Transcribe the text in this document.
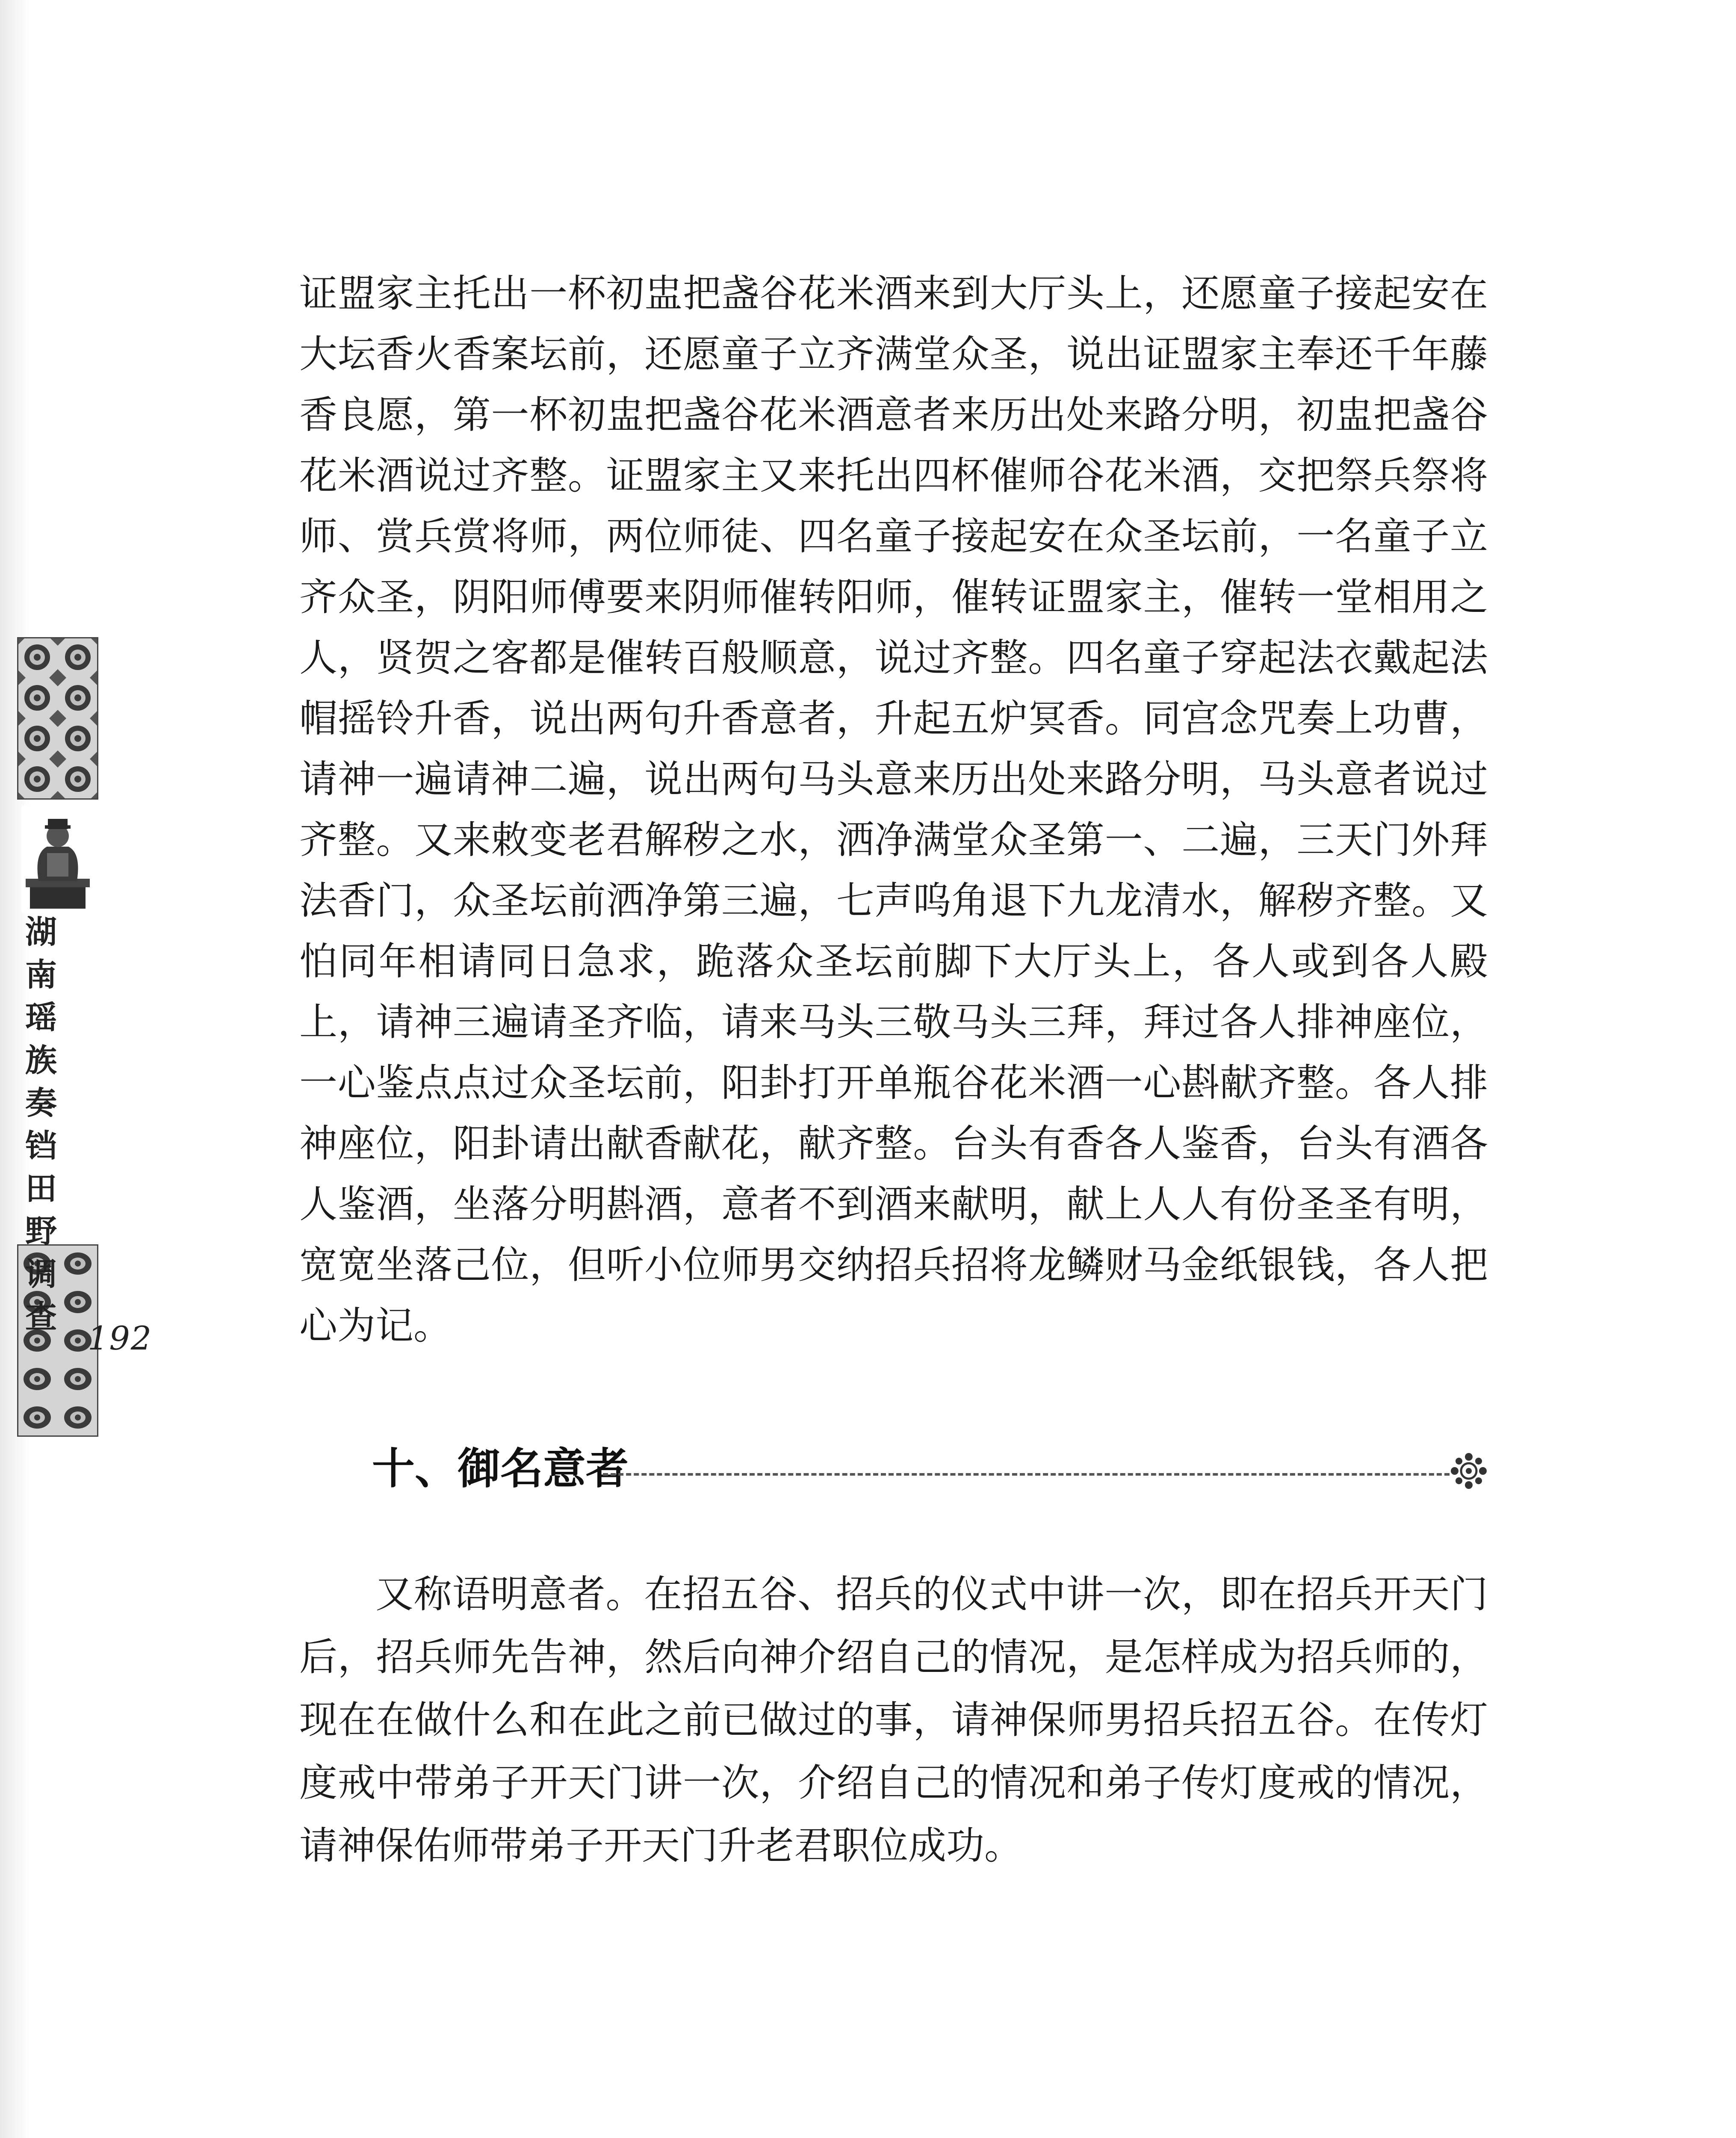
湖
南
瑶
族
奏
铛
田
野
调
查
192

证盟家主托出一杯初盅把盏谷花米酒来到大厅头上，还愿童子接起安在大坛香火香案坛前，还愿童子立齐满堂众圣，说出证盟家主奉还千年藤香良愿，第一杯初盅把盏谷花米酒意者来历出处来路分明，初盅把盏谷花米酒说过齐整。证盟家主又来托出四杯催师谷花米酒，交把祭兵祭将师、赏兵赏将师，两位师徒、四名童子接起安在众圣坛前，一名童子立齐众圣，阴阳师傅要来阴师催转阳师，催转证盟家主，催转一堂相用之人，贤贺之客都是催转百般顺意，说过齐整。四名童子穿起法衣戴起法帽摇铃升香，说出两句升香意者，升起五炉冥香。同宫念咒奏上功曹，请神一遍请神二遍，说出两句马头意来历出处来路分明，马头意者说过齐整。又来敕变老君解秽之水，洒净满堂众圣第一、二遍，三天门外拜法香门，众圣坛前洒净第三遍，七声呜角退下九龙清水，解秽齐整。又怕同年相请同日急求，跪落众圣坛前脚下大厅头上，各人或到各人殿上，请神三遍请圣齐临，请来马头三敬马头三拜，拜过各人排神座位，一心鉴点点过众圣坛前，阳卦打开单瓶谷花米酒一心斟献齐整。各人排神座位，阳卦请出献香献花，献齐整。台头有香各人鉴香，台头有酒各人鉴酒，坐落分明斟酒，意者不到酒来献明，献上人人有份圣圣有明，宽宽坐落己位，但听小位师男交纳招兵招将龙鳞财马金纸银钱，各人把心为记。

十、御名意者

又称语明意者。在招五谷、招兵的仪式中讲一次，即在招兵开天门后，招兵师先告神，然后向神介绍自己的情况，是怎样成为招兵师的，现在在做什么和在此之前已做过的事，请神保师男招兵招五谷。在传灯度戒中带弟子开天门讲一次，介绍自己的情况和弟子传灯度戒的情况，请神保佑师带弟子开天门升老君职位成功。
